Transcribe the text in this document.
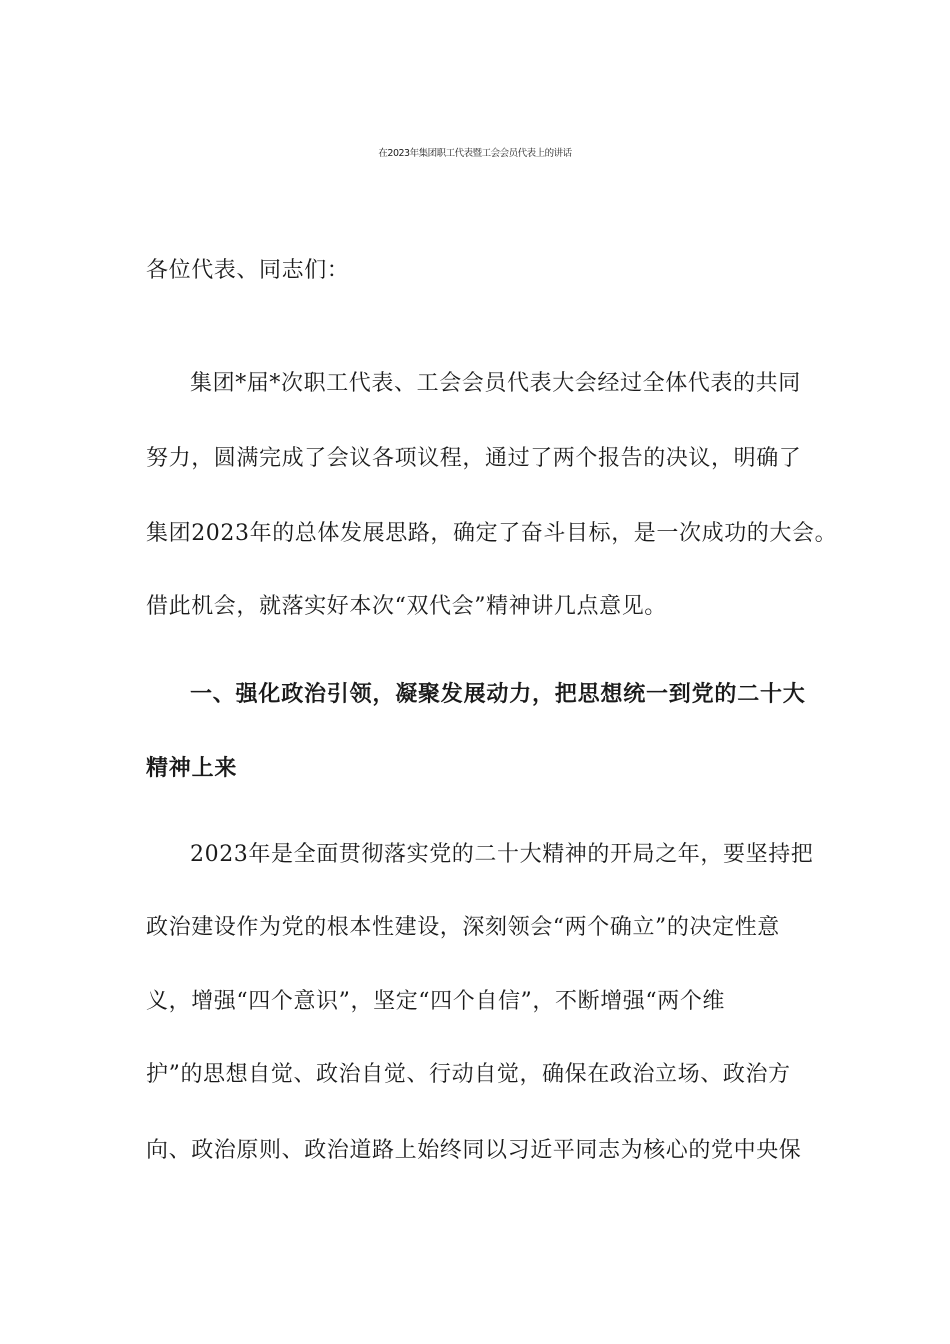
在2023年集团职工代表暨工会会员代表上的讲话
各位代表、同志们：
集团*届*次职工代表、工会会员代表大会经过全体代表的共同
努力，圆满完成了会议各项议程，通过了两个报告的决议，明确了
集团2023年的总体发展思路，确定了奋斗目标，是一次成功的大会。
借此机会，就落实好本次“双代会”精神讲几点意见。
一、强化政治引领，凝聚发展动力，把思想统一到党的二十大
精神上来
2023年是全面贯彻落实党的二十大精神的开局之年，要坚持把
政治建设作为党的根本性建设，深刻领会“两个确立”的决定性意
义，增强“四个意识”，坚定“四个自信”，不断增强“两个维
护”的思想自觉、政治自觉、行动自觉，确保在政治立场、政治方
向、政治原则、政治道路上始终同以习近平同志为核心的党中央保
